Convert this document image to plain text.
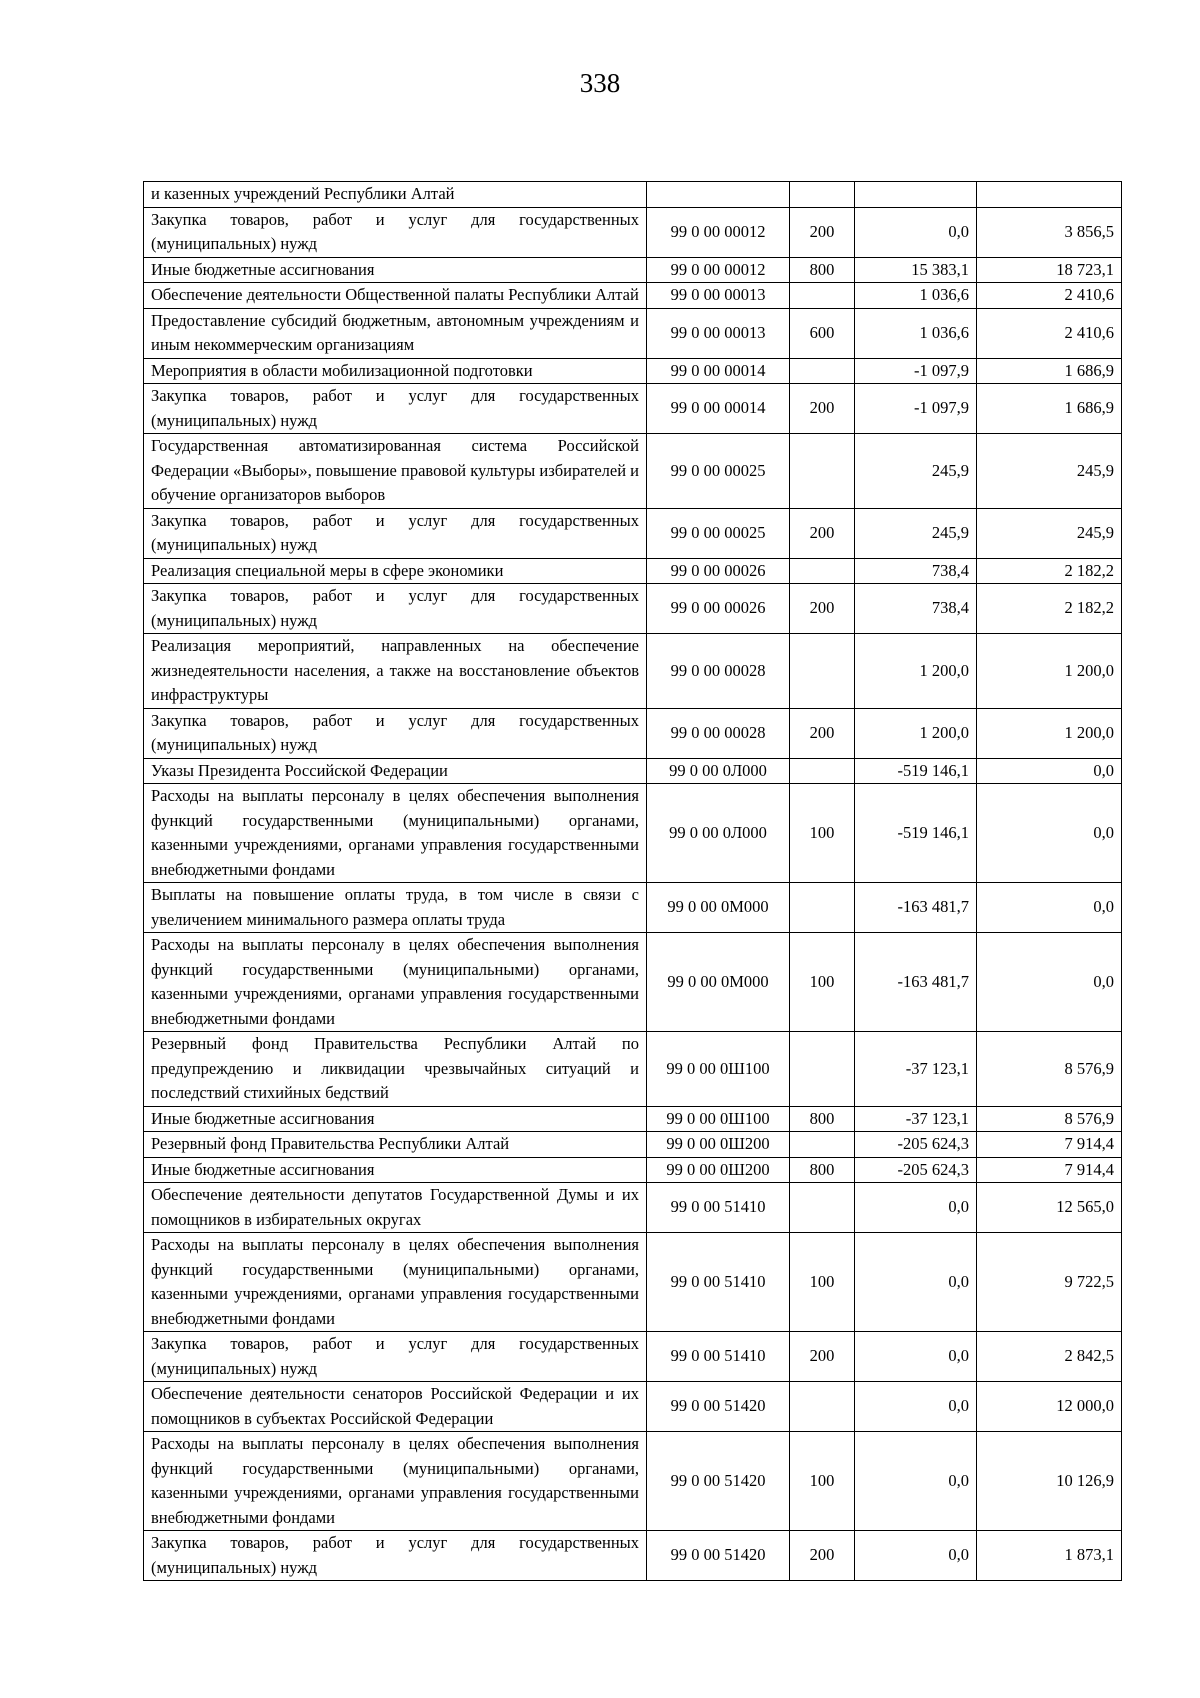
338
и казенных учреждений Республики Алтай				
Закупка товаров, работ и услуг для государственных (муниципальных) нужд	99 0 00 00012	200	0,0	3 856,5
Иные бюджетные ассигнования	99 0 00 00012	800	15 383,1	18 723,1
Обеспечение деятельности Общественной палаты Республики Алтай	99 0 00 00013		1 036,6	2 410,6
Предоставление субсидий бюджетным, автономным учреждениям и иным некоммерческим организациям	99 0 00 00013	600	1 036,6	2 410,6
Мероприятия в области мобилизационной подготовки	99 0 00 00014		-1 097,9	1 686,9
Закупка товаров, работ и услуг для государственных (муниципальных) нужд	99 0 00 00014	200	-1 097,9	1 686,9
Государственная автоматизированная система Российской Федерации «Выборы», повышение правовой культуры избирателей и обучение организаторов выборов	99 0 00 00025		245,9	245,9
Закупка товаров, работ и услуг для государственных (муниципальных) нужд	99 0 00 00025	200	245,9	245,9
Реализация специальной меры в сфере экономики	99 0 00 00026		738,4	2 182,2
Закупка товаров, работ и услуг для государственных (муниципальных) нужд	99 0 00 00026	200	738,4	2 182,2
Реализация мероприятий, направленных на обеспечение жизнедеятельности населения, а также на восстановление объектов инфраструктуры	99 0 00 00028		1 200,0	1 200,0
Закупка товаров, работ и услуг для государственных (муниципальных) нужд	99 0 00 00028	200	1 200,0	1 200,0
Указы Президента Российской Федерации	99 0 00 0Л000		-519 146,1	0,0
Расходы на выплаты персоналу в целях обеспечения выполнения функций государственными (муниципальными) органами, казенными учреждениями, органами управления государственными внебюджетными фондами	99 0 00 0Л000	100	-519 146,1	0,0
Выплаты на повышение оплаты труда, в том числе в связи с увеличением минимального размера оплаты труда	99 0 00 0М000		-163 481,7	0,0
Расходы на выплаты персоналу в целях обеспечения выполнения функций государственными (муниципальными) органами, казенными учреждениями, органами управления государственными внебюджетными фондами	99 0 00 0М000	100	-163 481,7	0,0
Резервный фонд Правительства Республики Алтай по предупреждению и ликвидации чрезвычайных ситуаций и последствий стихийных бедствий	99 0 00 0Ш100		-37 123,1	8 576,9
Иные бюджетные ассигнования	99 0 00 0Ш100	800	-37 123,1	8 576,9
Резервный фонд Правительства Республики Алтай	99 0 00 0Ш200		-205 624,3	7 914,4
Иные бюджетные ассигнования	99 0 00 0Ш200	800	-205 624,3	7 914,4
Обеспечение деятельности депутатов Государственной Думы и их помощников в избирательных округах	99 0 00 51410		0,0	12 565,0
Расходы на выплаты персоналу в целях обеспечения выполнения функций государственными (муниципальными) органами, казенными учреждениями, органами управления государственными внебюджетными фондами	99 0 00 51410	100	0,0	9 722,5
Закупка товаров, работ и услуг для государственных (муниципальных) нужд	99 0 00 51410	200	0,0	2 842,5
Обеспечение деятельности сенаторов Российской Федерации и их помощников в субъектах Российской Федерации	99 0 00 51420		0,0	12 000,0
Расходы на выплаты персоналу в целях обеспечения выполнения функций государственными (муниципальными) органами, казенными учреждениями, органами управления государственными внебюджетными фондами	99 0 00 51420	100	0,0	10 126,9
Закупка товаров, работ и услуг для государственных (муниципальных) нужд	99 0 00 51420	200	0,0	1 873,1
